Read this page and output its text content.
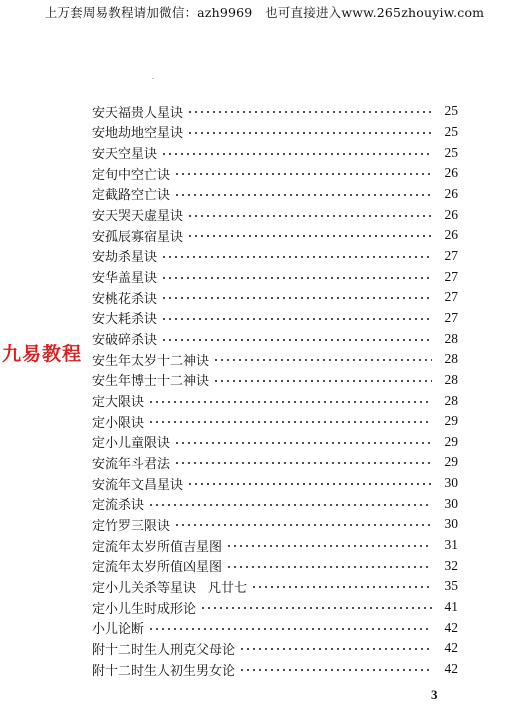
上万套周易教程请加微信：azh9969　也可直接进入www.265zhouyiw.com
九易教程
安天福贵人星诀	25
安地劫地空星诀	25
安天空星诀	25
定旬中空亡诀	26
定截路空亡诀	26
安天哭天虚星诀	26
安孤辰寡宿星诀	26
安劫杀星诀	27
安华盖星诀	27
安桃花杀诀	27
安大耗杀诀	27
安破碎杀诀	28
安生年太岁十二神诀	28
安生年博士十二神诀	28
定大限诀	28
定小限诀	29
定小儿童限诀	29
安流年斗君法	29
安流年文昌星诀	30
定流杀诀	30
定竹罗三限诀	30
定流年太岁所值吉星图	31
定流年太岁所值凶星图	32
定小儿关杀等星诀 凡廿七	35
定小儿生时成形论	41
小儿论断	42
附十二时生人刑克父母论	42
附十二时生人初生男女论	42
3
